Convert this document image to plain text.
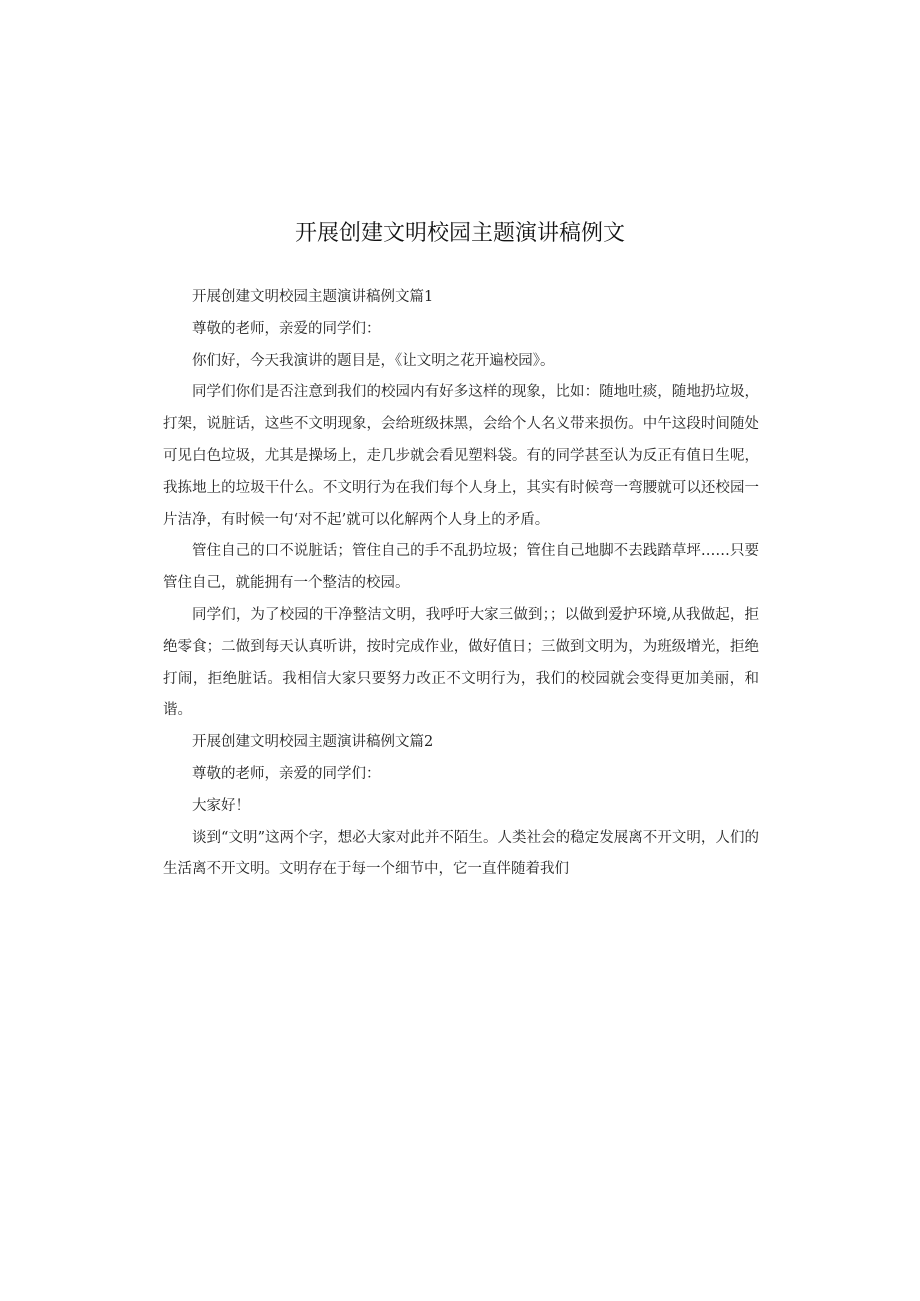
开展创建文明校园主题演讲稿例文

开展创建文明校园主题演讲稿例文篇1

尊敬的老师，亲爱的同学们：

你们好，今天我演讲的题目是，《让文明之花开遍校园》。

同学们你们是否注意到我们的校园内有好多这样的现象，比如：随地吐痰，随地扔垃圾，打架，说脏话，这些不文明现象，会给班级抹黑，会给个人名义带来损伤。中午这段时间随处可见白色垃圾，尤其是操场上，走几步就会看见塑料袋。有的同学甚至认为反正有值日生呢，我拣地上的垃圾干什么。不文明行为在我们每个人身上，其实有时候弯一弯腰就可以还校园一片洁净，有时候一句‘对不起’就可以化解两个人身上的矛盾。

管住自己的口不说脏话；管住自己的手不乱扔垃圾；管住自己地脚不去践踏草坪……只要管住自己，就能拥有一个整洁的校园。

同学们，为了校园的干净整洁文明，我呼吁大家三做到；；以做到爱护环境,从我做起，拒绝零食；二做到每天认真听讲，按时完成作业，做好值日；三做到文明为，为班级增光，拒绝打闹，拒绝脏话。我相信大家只要努力改正不文明行为，我们的校园就会变得更加美丽，和谐。

开展创建文明校园主题演讲稿例文篇2

尊敬的老师，亲爱的同学们：

大家好！

谈到“文明”这两个字，想必大家对此并不陌生。人类社会的稳定发展离不开文明，人们的生活离不开文明。文明存在于每一个细节中，它一直伴随着我们
